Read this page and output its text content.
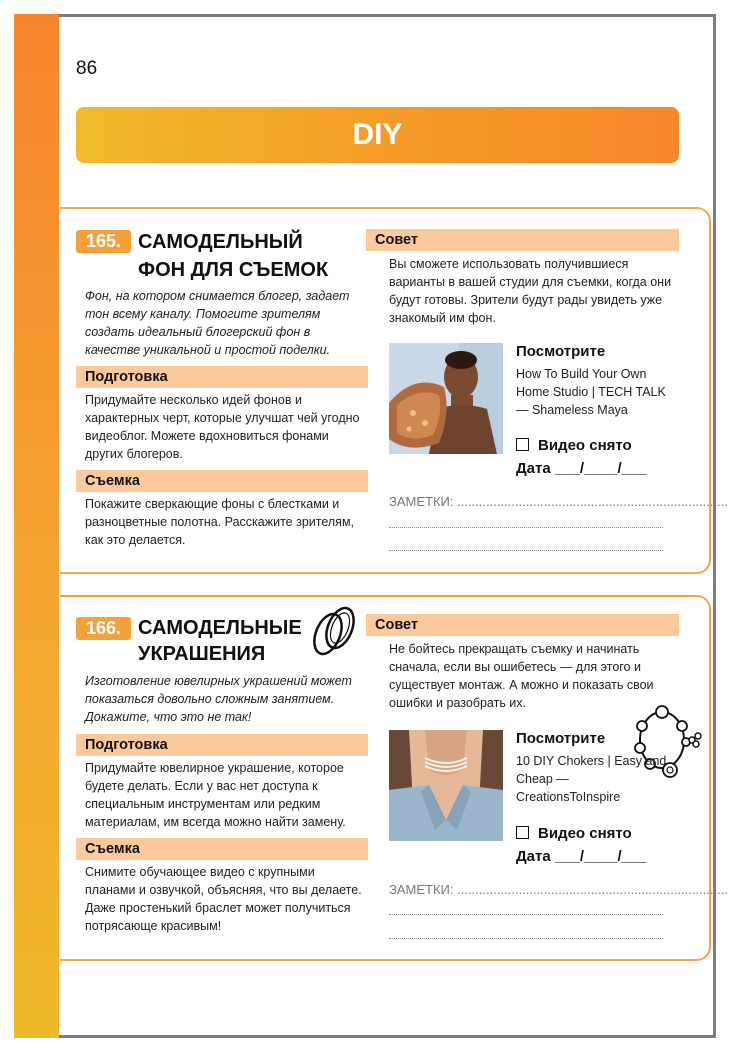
86
DIY
165. САМОДЕЛЬНЫЙ
ФОН ДЛЯ СЪЕМОК
Фон, на котором снимается блогер, задает тон всему каналу. Помогите зрителям создать идеальный блогерский фон в качестве уникальной и простой поделки.
Подготовка
Придумайте несколько идей фонов и характерных черт, которые улучшат чей угодно видеоблог. Можете вдохновиться фонами других блогеров.
Съемка
Покажите сверкающие фоны с блестками и разноцветные полотна. Расскажите зрителям, как это делается.
Совет
Вы сможете использовать получившиеся варианты в вашей студии для съемки, когда они будут готовы. Зрители будут рады увидеть уже знакомый им фон.
Посмотрите
How To Build Your Own Home Studio | TECH TALK — Shameless Maya
Видео снято
Дата ___/____/___
ЗАМЕТКИ: ...........................................................................
166. САМОДЕЛЬНЫЕ
УКРАШЕНИЯ
Изготовление ювелирных украшений может показаться довольно сложным занятием. Докажите, что это не так!
Подготовка
Придумайте ювелирное украшение, которое будете делать. Если у вас нет доступа к специальным инструментам или редким материалам, им всегда можно найти замену.
Съемка
Снимите обучающее видео с крупными планами и озвучкой, объясняя, что вы делаете. Даже простенький браслет может получиться потрясающе красивым!
Совет
Не бойтесь прекращать съемку и начинать сначала, если вы ошибетесь — для этого и существует монтаж. А можно и показать свои ошибки и разобрать их.
Посмотрите
10 DIY Chokers | Easy and Cheap — CreationsToInspire
Видео снято
Дата ___/____/___
ЗАМЕТКИ: ...........................................................................
